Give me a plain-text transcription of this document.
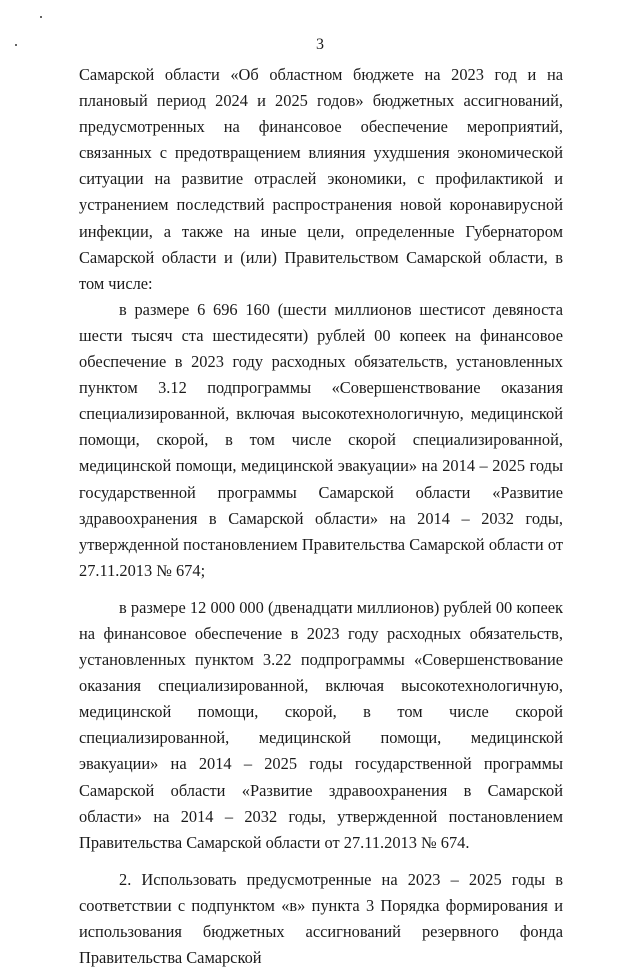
3

Самарской области «Об областном бюджете на 2023 год и на плановый период 2024 и 2025 годов» бюджетных ассигнований, предусмотренных на финансовое обеспечение мероприятий, связанных с предотвращением влияния ухудшения экономической ситуации на развитие отраслей экономики, с профилактикой и устранением последствий распространения новой коронавирусной инфекции, а также на иные цели, определенные Губернатором Самарской области и (или) Правительством Самарской области, в том числе:

в размере 6 696 160 (шести миллионов шестисот девяноста шести тысяч ста шестидесяти) рублей 00 копеек на финансовое обеспечение в 2023 году расходных обязательств, установленных пунктом 3.12 подпрограммы «Совершенствование оказания специализированной, включая высокотехнологичную, медицинской помощи, скорой, в том числе скорой специализированной, медицинской помощи, медицинской эвакуации» на 2014 – 2025 годы государственной программы Самарской области «Развитие здравоохранения в Самарской области» на 2014 – 2032 годы, утвержденной постановлением Правительства Самарской области от 27.11.2013 № 674;

в размере 12 000 000 (двенадцати миллионов) рублей 00 копеек на финансовое обеспечение в 2023 году расходных обязательств, установленных пунктом 3.22 подпрограммы «Совершенствование оказания специализированной, включая высокотехнологичную, медицинской помощи, скорой, в том числе скорой специализированной, медицинской помощи, медицинской эвакуации» на 2014 – 2025 годы государственной программы Самарской области «Развитие здравоохранения в Самарской области» на 2014 – 2032 годы, утвержденной постановлением Правительства Самарской области от 27.11.2013 № 674.

2. Использовать предусмотренные на 2023 – 2025 годы в соответствии с подпунктом «в» пункта 3 Порядка формирования и использования бюджетных ассигнований резервного фонда Правительства Самарской
